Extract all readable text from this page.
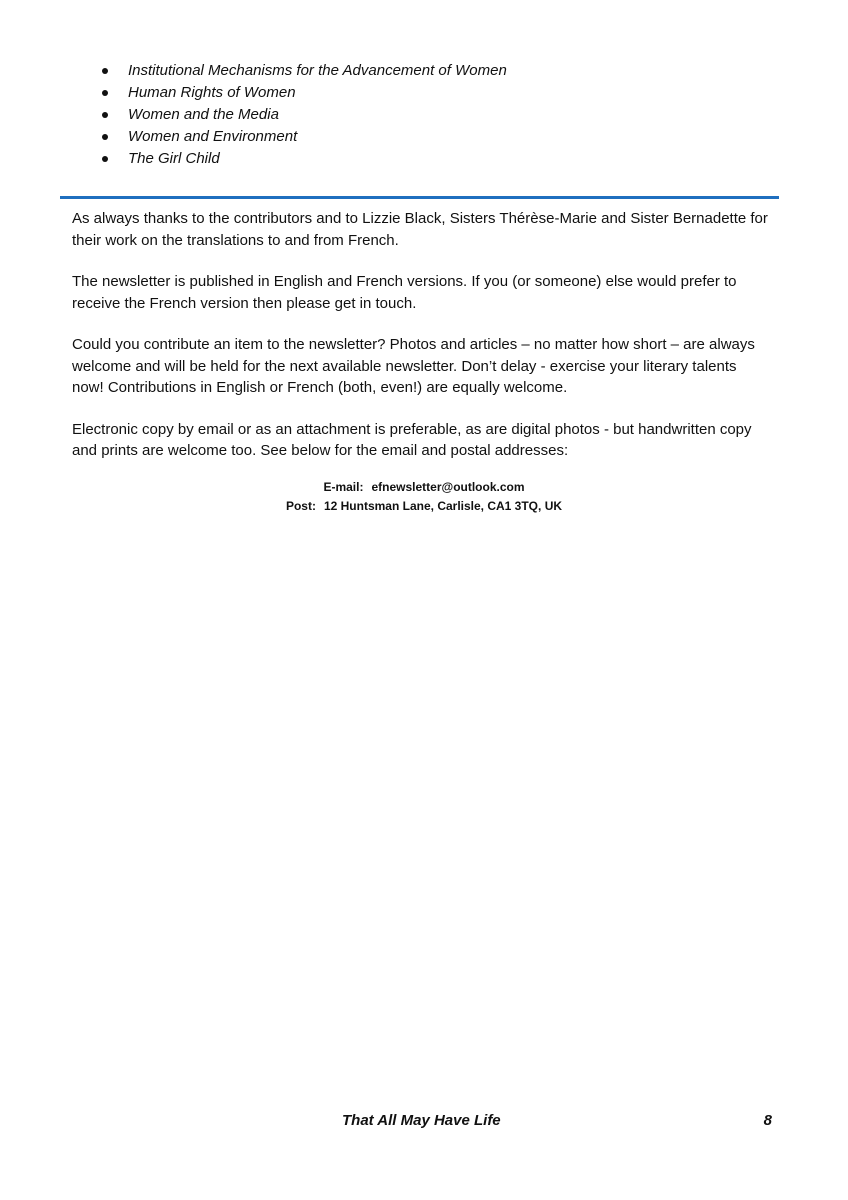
Institutional Mechanisms for the Advancement of Women
Human Rights of Women
Women and the Media
Women and Environment
The Girl Child

As always thanks to the contributors and to Lizzie Black, Sisters Thérèse-Marie and Sister Bernadette for their work on the translations to and from French.

The newsletter is published in English and French versions. If you (or someone) else would prefer to receive the French version then please get in touch.

Could you contribute an item to the newsletter? Photos and articles – no matter how short – are always welcome and will be held for the next available newsletter. Don’t delay - exercise your literary talents now! Contributions in English or French (both, even!) are equally welcome.

Electronic copy by email or as an attachment is preferable, as are digital photos - but handwritten copy and prints are welcome too. See below for the email and postal addresses:

E-mail: efnewsletter@outlook.com
Post: 12 Huntsman Lane, Carlisle, CA1 3TQ, UK
That All May Have Life	8
